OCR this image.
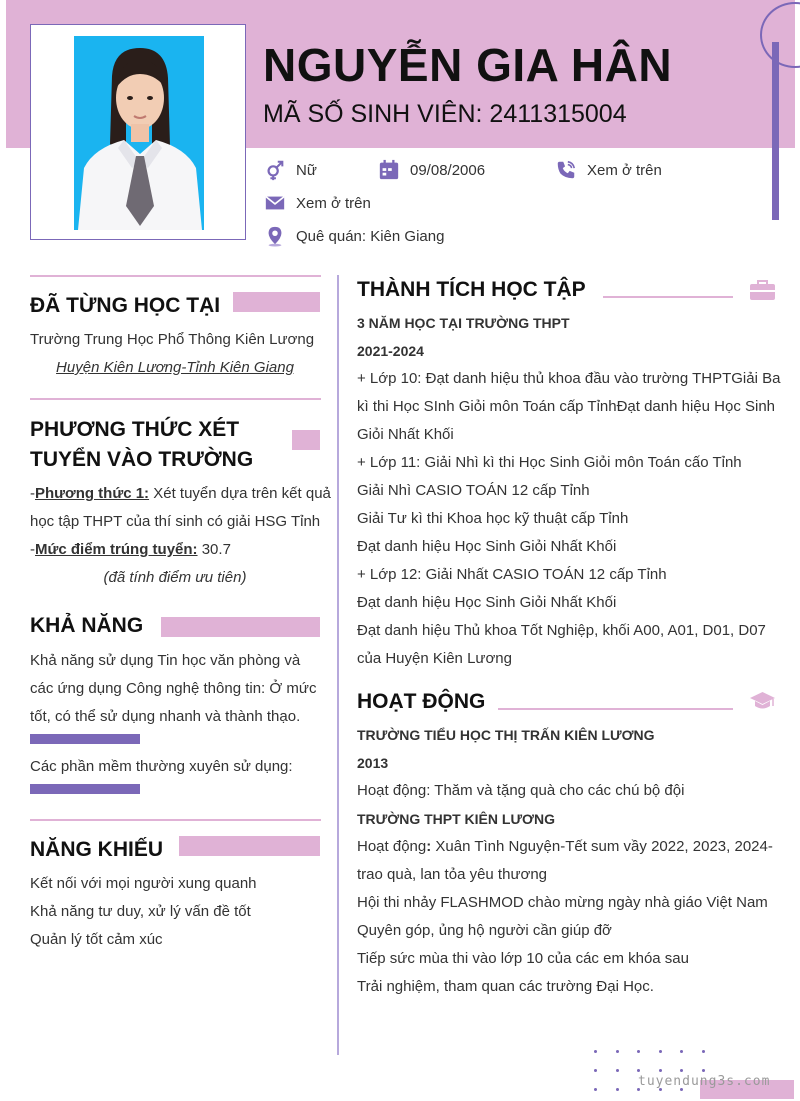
NGUYỄN GIA HÂN
MÃ SỐ SINH VIÊN: 2411315004
Nữ	09/08/2006	Xem ở trên
Xem ở trên
Quê quán: Kiên Giang
ĐÃ TỪNG HỌC TẠI
Trường Trung Học Phổ Thông Kiên Lương
Huyện Kiên Lương-Tỉnh Kiên Giang
PHƯƠNG THỨC XÉT
TUYỂN VÀO TRƯỜNG
-Phương thức 1: Xét tuyển dựa trên kết quả
học tập THPT của thí sinh có giải HSG Tỉnh
-Mức điểm trúng tuyển: 30.7
(đã tính điểm ưu tiên)
KHẢ NĂNG
Khả năng sử dụng Tin học văn phòng và
các ứng dụng Công nghệ thông tin: Ở mức
tốt, có thể sử dụng nhanh và thành thạo.
Các phần mềm thường xuyên sử dụng:
NĂNG KHIẾU
Kết nối với mọi người xung quanh
Khả năng tư duy, xử lý vấn đề tốt
Quản lý tốt cảm xúc
THÀNH TÍCH HỌC TẬP
3 NĂM HỌC TẠI TRƯỜNG THPT
2021-2024
+ Lớp 10: Đạt danh hiệu thủ khoa đầu vào trường THPTGiải Ba
kì thi Học SInh Giỏi môn Toán cấp TỉnhĐạt danh hiệu Học Sinh
Giỏi Nhất Khối
+ Lớp 11: Giải Nhì kì thi Học Sinh Giỏi môn Toán cấo Tỉnh
Giải Nhì CASIO TOÁN 12 cấp Tỉnh
Giải Tư kì thi Khoa học kỹ thuật cấp Tỉnh
Đạt danh hiệu Học Sinh Giỏi Nhất Khối
+ Lớp 12: Giải Nhất CASIO TOÁN 12 cấp Tỉnh
Đạt danh hiệu Học Sinh Giỏi Nhất Khối
Đạt danh hiệu Thủ khoa Tốt Nghiệp, khối A00, A01, D01, D07
của Huyện Kiên Lương
HOẠT ĐỘNG
TRƯỜNG TIỂU HỌC THỊ TRẤN KIÊN LƯƠNG
2013
Hoạt động: Thăm và tặng quà cho các chú bộ đội
TRƯỜNG THPT KIÊN LƯƠNG
Hoạt động: Xuân Tình Nguyện-Tết sum vầy 2022, 2023, 2024-
trao quà, lan tỏa yêu thương
Hội thi nhảy FLASHMOD chào mừng ngày nhà giáo Việt Nam
Quyên góp, ủng hộ người cần giúp đỡ
Tiếp sức mùa thi vào lớp 10 của các em khóa sau
Trải nghiệm, tham quan các trường Đại Học.
tuyendung3s.com
